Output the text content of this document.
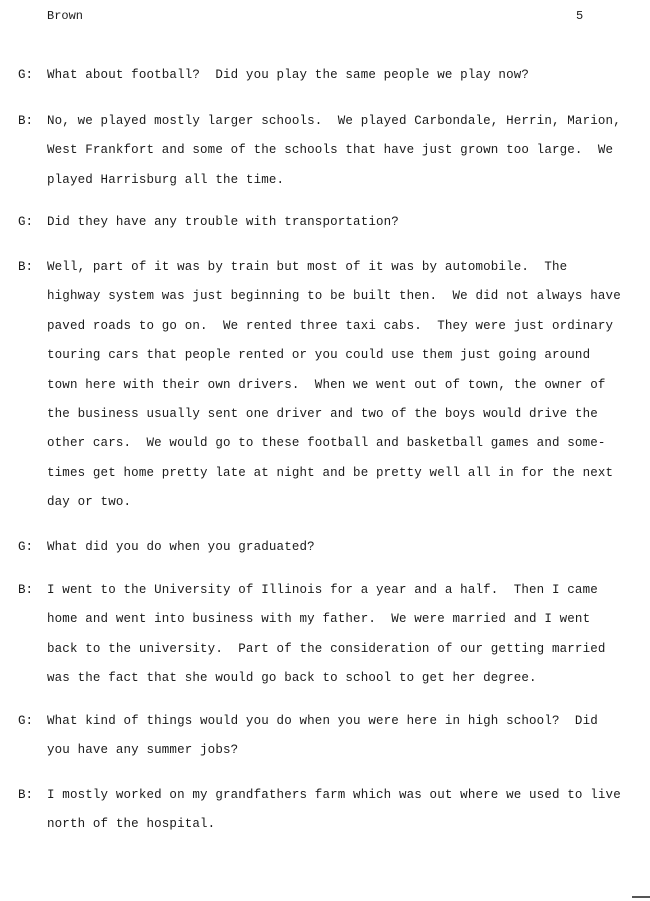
Brown	5
G: What about football?  Did you play the same people we play now?
B: No, we played mostly larger schools.  We played Carbondale, Herrin, Marion,
West Frankfort and some of the schools that have just grown too large.  We
played Harrisburg all the time.
G: Did they have any trouble with transportation?
B: Well, part of it was by train but most of it was by automobile.  The
highway system was just beginning to be built then.  We did not always have
paved roads to go on.  We rented three taxi cabs.  They were just ordinary
touring cars that people rented or you could use them just going around
town here with their own drivers.  When we went out of town, the owner of
the business usually sent one driver and two of the boys would drive the
other cars.  We would go to these football and basketball games and some-
times get home pretty late at night and be pretty well all in for the next
day or two.
G: What did you do when you graduated?
B: I went to the University of Illinois for a year and a half.  Then I came
home and went into business with my father.  We were married and I went
back to the university.  Part of the consideration of our getting married
was the fact that she would go back to school to get her degree.
G: What kind of things would you do when you were here in high school?  Did
you have any summer jobs?
B: I mostly worked on my grandfathers farm which was out where we used to live
north of the hospital.
